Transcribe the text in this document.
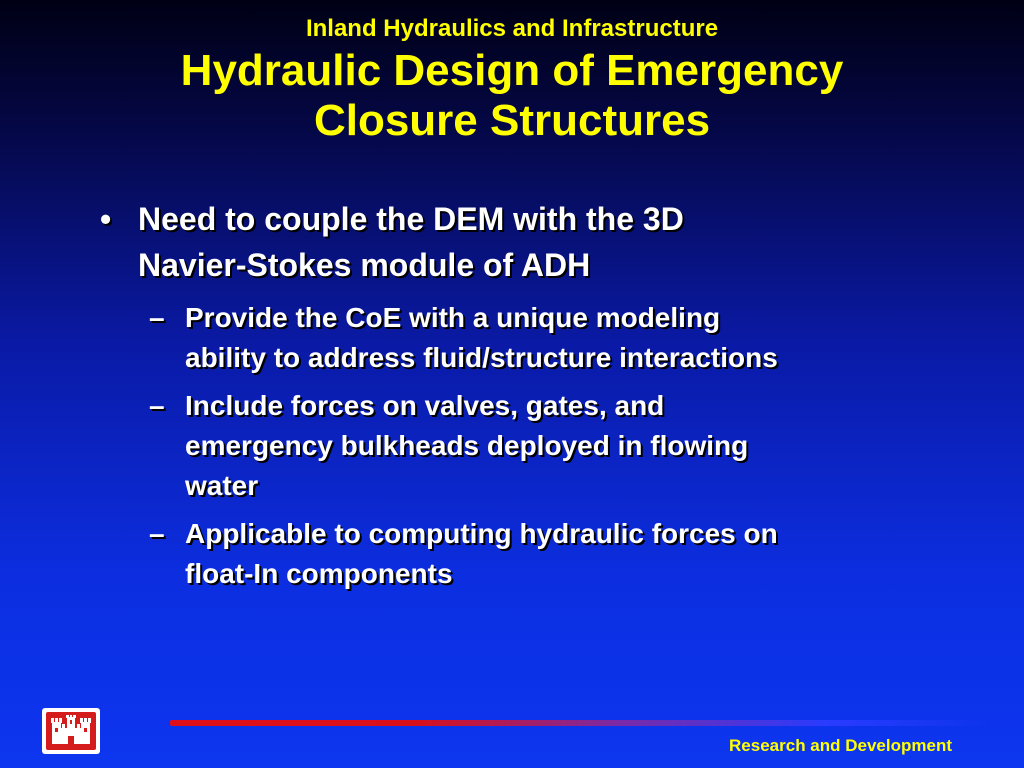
Inland Hydraulics and Infrastructure
Hydraulic Design of Emergency
Closure Structures
• Need to couple the DEM with the 3D
Navier-Stokes module of ADH
– Provide the CoE with a unique modeling
ability to address fluid/structure interactions
– Include forces on valves, gates, and
emergency bulkheads deployed in flowing
water
– Applicable to computing hydraulic forces on
float-In components
Research and Development
